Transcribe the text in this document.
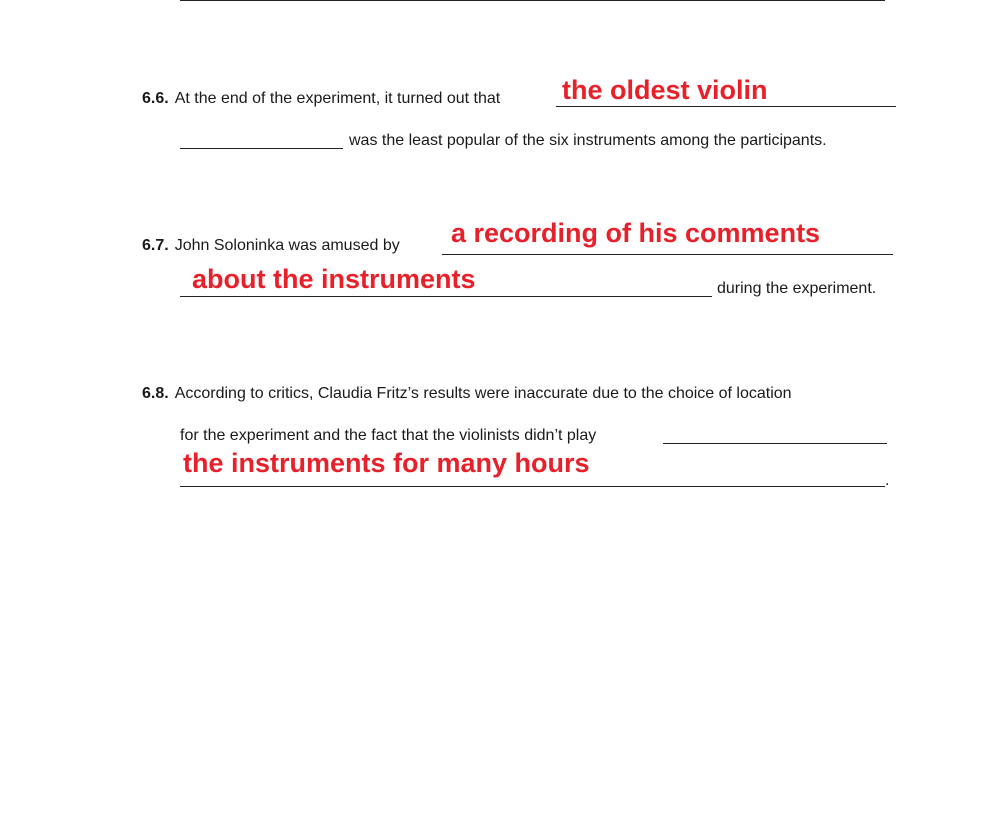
6.6. At the end of the experiment, it turned out that the oldest violin
was the least popular of the six instruments among the participants.
6.7. John Soloninka was amused by a recording of his comments
about the instruments	during the experiment.
6.8. According to critics, Claudia Fritz’s results were inaccurate due to the choice of location
for the experiment and the fact that the violinists didn’t play
the instruments for many hours
.
